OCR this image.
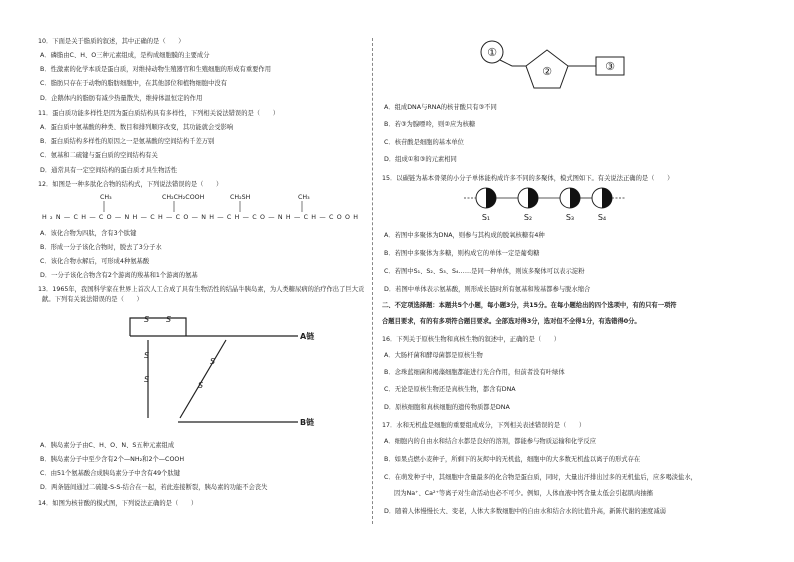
10．下面是关于脂质的叙述，其中正确的是（　　）
A．磷脂由C、H、O三种元素组成，是构成细胞膜的主要成分
B．性激素的化学本质是蛋白质，对维持动物生殖器官和生殖细胞的形成有重要作用
C．脂肪只存在于动物的脂肪细胞中，在其他部位和植物细胞中没有
D．企鹅体内的脂肪有减少热量散失，维持体温恒定的作用
11．蛋白质功能多样性是因为蛋白质结构具有多样性，下列相关说法错误的是（　　）
A．蛋白质中氨基酸的种类、数目和排列顺序改变，其功能就会受影响
B．蛋白质结构多样性的原因之一是氨基酸的空间结构千差万别
C．氨基和二硫键与蛋白质的空间结构有关
D．通常具有一定空间结构的蛋白质才具生物活性
12．如图是一种多肽化合物的结构式，下列说法错误的是（　　）
CH₃	CH₂CH₂COOH	CH₂SH	CH₃
H₂N—CH—CO—NH—CH—CO—NH—CH—CO—NH—CH—COOH
A．该化合物为四肽，含有3个肽键
B．形成一分子该化合物时，脱去了3分子水
C．该化合物水解后，可形成4种氨基酸
D．一分子该化合物含有2个游离的羧基和1个游离的氨基
13．1965年，我国科学家在世界上首次人工合成了具有生物活性的结晶牛胰岛素，为人类糖尿病的治疗作出了巨大贡
献。下列有关说法错误的是（　　）
S S
S
S
S
S
A链
B链
A．胰岛素分子由C、H、O、N、S五种元素组成
B．胰岛素分子中至少含有2个—NH₂和2个—COOH
C．由51个氨基酸合成胰岛素分子中含有49个肽键
D．两条链间通过二硫键-S-S-结合在一起，若此连接断裂，胰岛素的功能不会丧失
14．如图为核苷酸的模式图，下列说法正确的是（　　）
①
②	③
A．组成DNA与RNA的核苷酸只有③不同
B．若③为腺嘌呤，则②应为核糖
C．核苷酸是细胞的基本单位
D．组成①和③的元素相同
15．以碳链为基本骨架的小分子单体能构成许多不同的多聚体，模式图如下。有关说法正确的是（　　）
S₁	S₂	S₃	S₄
A．若图中多聚体为DNA，则参与其构成的脱氧核糖有4种
B．若图中多聚体为多糖，则构成它的单体一定是葡萄糖
C．若图中S₁、S₂、S₃、S₄……是同一种单体，则该多聚体可以表示淀粉
D．若图中单体表示氨基酸，则形成长链时所有氨基和羧基都参与脱水缩合
二、不定项选择题：本题共5个小题，每小题3分，共15分。在每小题给出的四个选项中，有的只有一项符
合题目要求，有的有多项符合题目要求。全部选对得3分，选对但不全得1分，有选错得0分。
16．下列关于原核生物和真核生物的叙述中，正确的是（　　）
A．大肠杆菌和酵母菌都是原核生物
B．念珠蓝细菌和褐藻细胞都能进行光合作用，但前者没有叶绿体
C．无论是原核生物还是真核生物，都含有DNA
D．原核细胞和真核细胞的遗传物质都是DNA
17．水和无机盐是细胞的重要组成成分，下列相关表述错误的是（　　）
A．细胞内的自由水和结合水都是良好的溶剂，都能参与物质运输和化学反应
B．如果点燃小麦种子，所剩下的灰烬中的无机盐，细胞中的大多数无机盐以离子的形式存在
C．在萌发种子中，其细胞中含量最多的化合物是蛋白质，同时，大量出汗排出过多的无机盐后，应多喝淡盐水，
因为Na⁺、Ca²⁺等离子对生命活动也必不可少。例如，人体血液中钙含量太低会引起肌肉抽搐
D．随着人体慢慢长大、变老，人体大多数细胞中的自由水和结合水的比值升高，新陈代谢的速度减弱
